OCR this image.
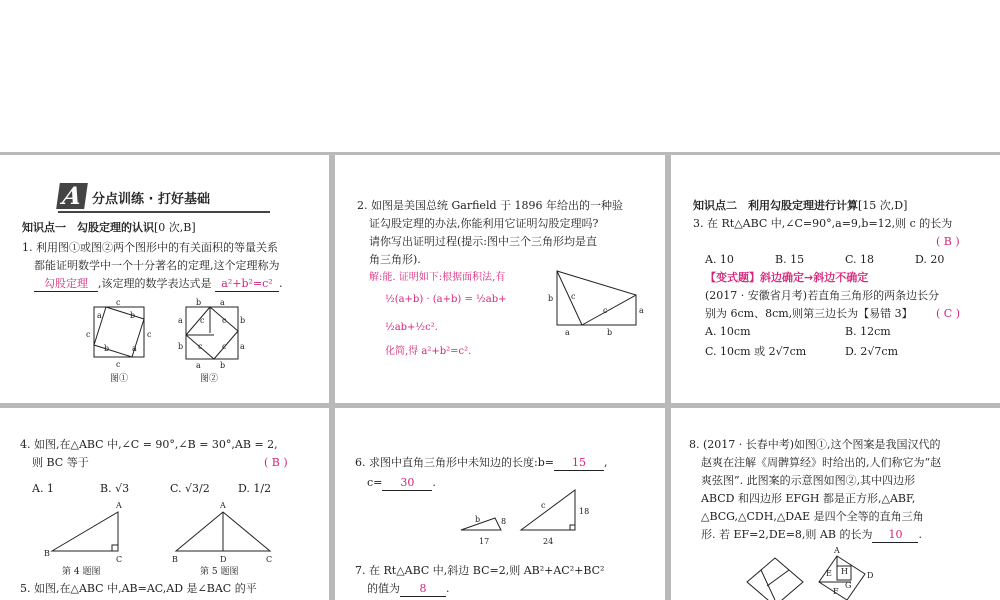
A 分点训练 · 打好基础
知识点一　勾股定理的认识[0 次,B]
1. 利用图①或图②两个图形中的有关面积的等量关系
都能证明数学中一个十分著名的定理,这个定理称为
勾股定理 ,该定理的数学表达式是 a²+b²=c² .
c
a	b
c	c
b	a
c
图①
b a
a c c b
b c c a
a b
图②
2. 如图是美国总统 Garfield 于 1896 年给出的一种验
证勾股定理的办法,你能利用它证明勾股定理吗?
请你写出证明过程(提示:图中三个三角形均是直
角三角形).
解:能. 证明如下:根据面积法,有
½(a+b) · (a+b) = ½ab+
½ab+½c².
化简,得 a²+b²=c².
b c
c	a
a	b
知识点二　利用勾股定理进行计算[15 次,D]
3. 在 Rt△ABC 中,∠C=90°,a=9,b=12,则 c 的长为
( B )
A. 10	B. 15	C. 18	D. 20
【变式题】斜边确定→斜边不确定
(2017 · 安徽省月考)若直角三角形的两条边长分
别为 6cm、8cm,则第三边长为【易错 3】 ( C )
A. 10cm	B. 12cm
C. 10cm 或 2√7cm	D. 2√7cm
4. 如图,在△ABC 中,∠C = 90°,∠B = 30°,AB = 2,
则 BC 等于	( B )
A. 1	B. √3	C. √3/2	D. 1/2
A
B
C
第 4 题图
A
B	D	C
第 5 题图
5. 如图,在△ABC 中,AB=AC,AD 是∠BAC 的平
6. 求图中直角三角形中未知边的长度:b= 15 ,
c= 30 .
b	8
17
c
18
24
7. 在 Rt△ABC 中,斜边 BC=2,则 AB²+AC²+BC²
的值为 8 .
8. (2017 · 长春中考)如图①,这个图案是我国汉代的
赵爽在注解《周髀算经》时给出的,人们称它为“赵
爽弦图”. 此图案的示意图如图②,其中四边形
ABCD 和四边形 EFGH 都是正方形,△ABF,
△BCG,△CDH,△DAE 是四个全等的直角三角
形. 若 EF=2,DE=8,则 AB 的长为 10 .
A
D
E H
G
F
